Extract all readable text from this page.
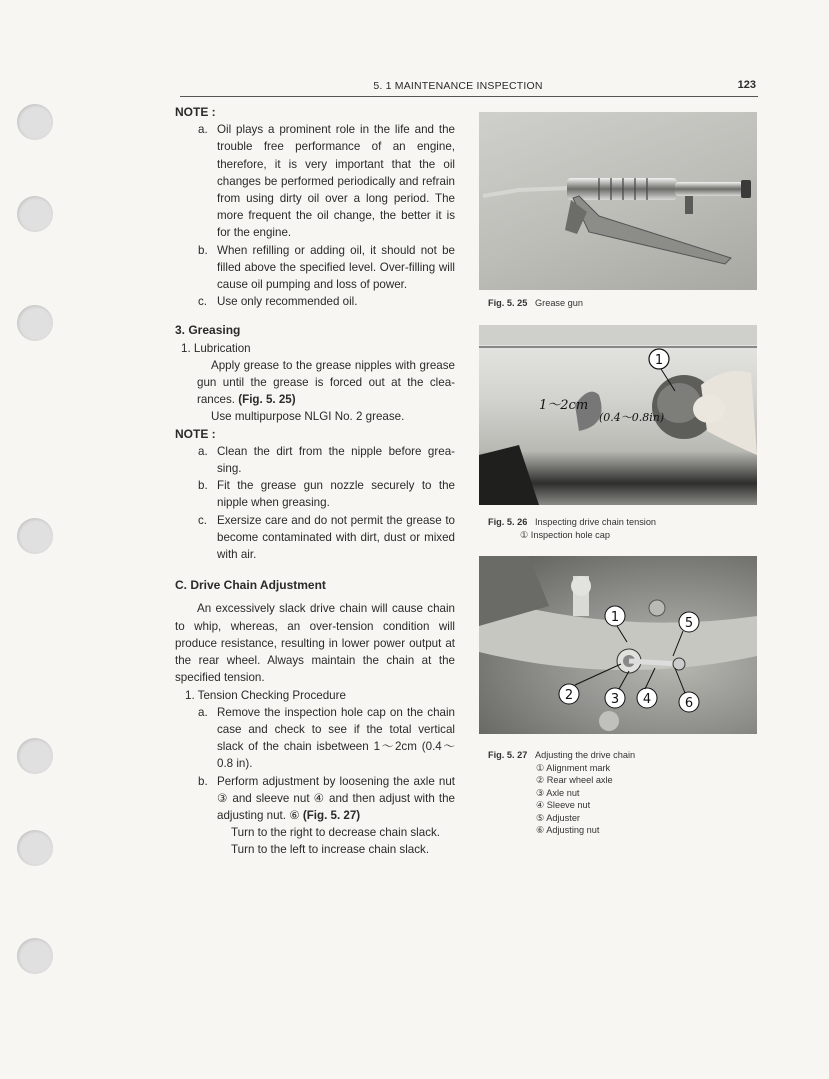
5. 1 MAINTENANCE INSPECTION	123

NOTE :

a. Oil plays a prominent role in the life and the trouble free performance of an engine, therefore, it is very important that the oil changes be performed periodically and refrain from using dirty oil over a long period. The more frequent the oil change, the better it is for the engine.

b. When refilling or adding oil, it should not be filled above the specified level. Over-filling will cause oil pumping and loss of power.

c. Use only recommended oil.

3. Greasing

1. Lubrication

Apply grease to the grease nipples with grease gun until the grease is forced out at the clea-rances. (Fig. 5. 25)

Use multipurpose NLGI No. 2 grease.

NOTE :

a. Clean the dirt from the nipple before grea-sing.

b. Fit the grease gun nozzle securely to the nipple when greasing.

c. Exersize care and do not permit the grease to become contaminated with dirt, dust or mixed with air.

C. Drive Chain Adjustment

An excessively slack drive chain will cause chain to whip, whereas, an over-tension condition will produce resistance, resulting in lower power output at the rear wheel. Always maintain the chain at the specified tension.

1. Tension Checking Procedure

a. Remove the inspection hole cap on the chain case and check to see if the total vertical slack of the chain isbetween 1～2cm (0.4～ 0.8 in).

b. Perform adjustment by loosening the axle nut ③ and sleeve nut ④ and then adjust with the adjusting nut. ⑥ (Fig. 5. 27)

Turn to the right to decrease chain slack.

Turn to the left to increase chain slack.

Fig. 5. 25 Grease gun
1
1～2cm
(0.4～0.8in)
Fig. 5. 26 Inspecting drive chain tension
① Inspection hole cap
1	5
2	3 4	6
Fig. 5. 27 Adjusting the drive chain
① Alignment mark
② Rear wheel axle
③ Axle nut
④ Sleeve nut
⑤ Adjuster
⑥ Adjusting nut
